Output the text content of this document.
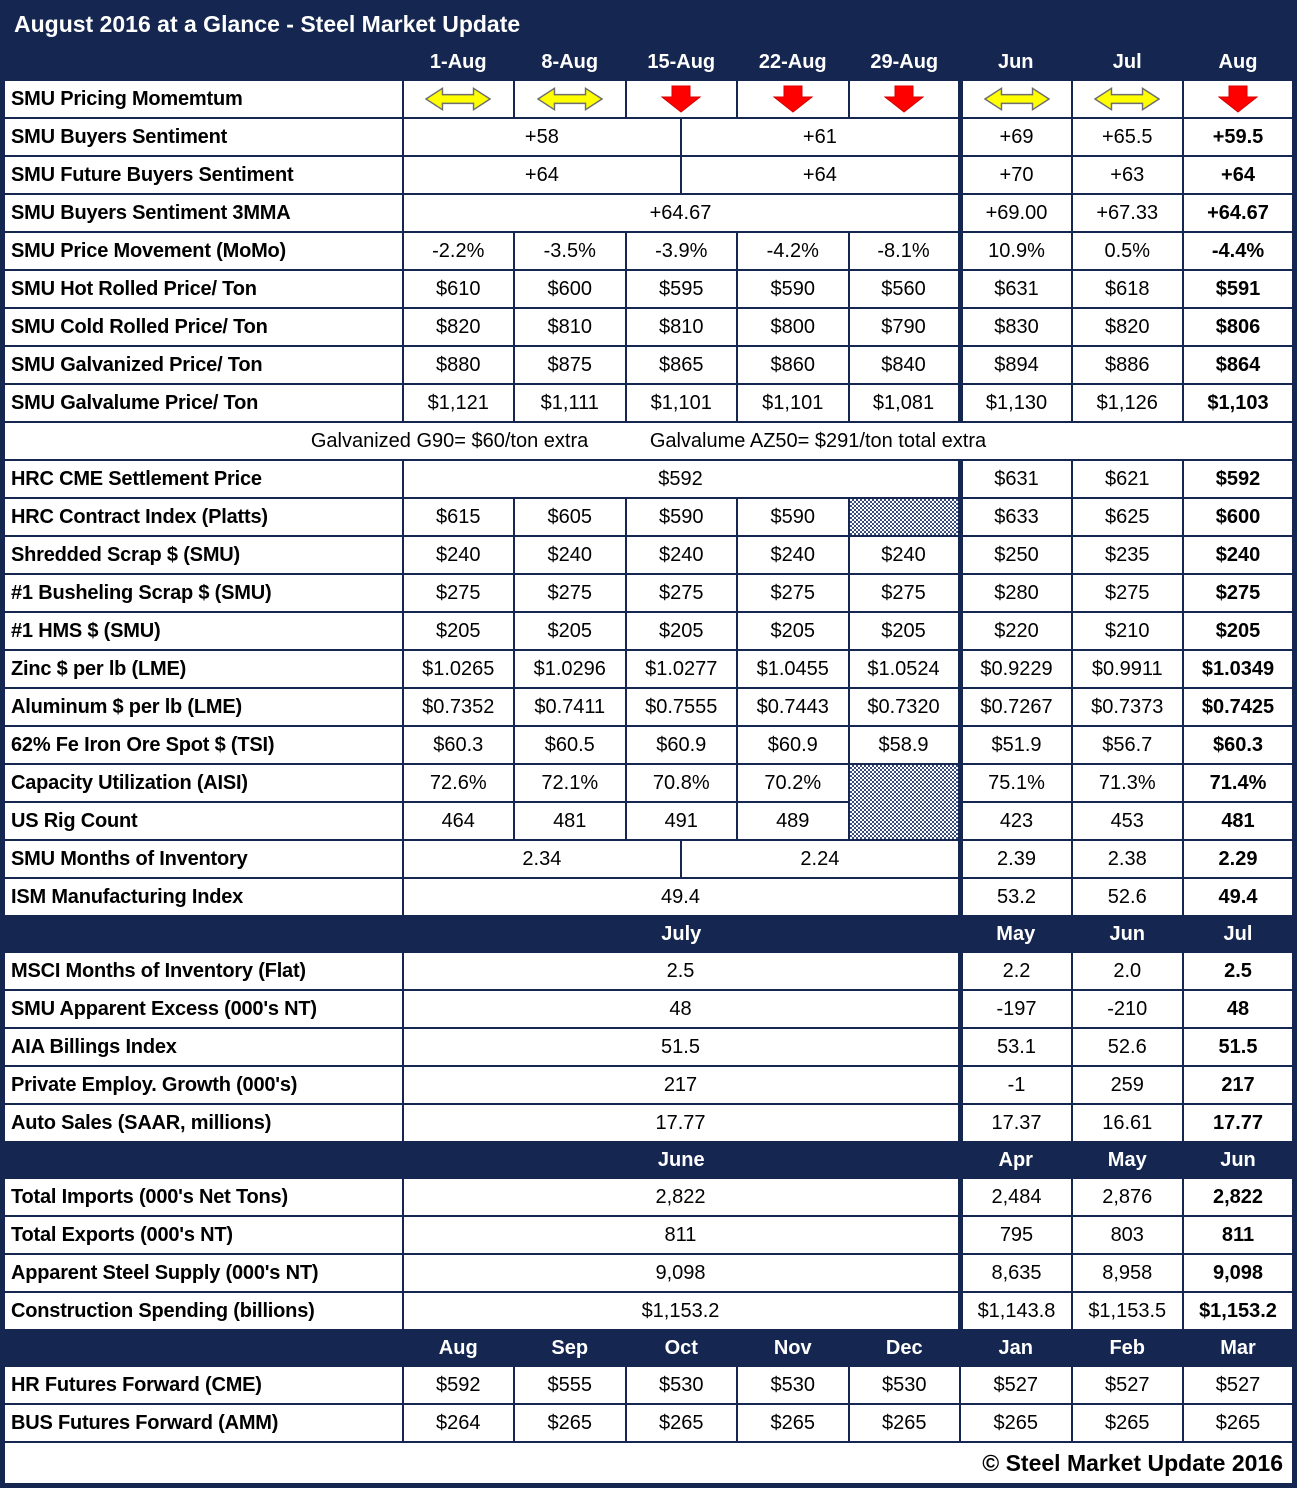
August 2016 at a Glance - Steel Market Update									
	1-Aug	8-Aug	15-Aug		22-Aug	29-Aug	Jun	Jul	Aug
SMU Pricing Momemtum								
SMU Buyers Sentiment	+58			+61			+69	+65.5	+59.5
SMU Future Buyers Sentiment	+64			+64			+70	+63	+64
SMU Buyers Sentiment 3MMA	+64.67						+69.00	+67.33	+64.67
SMU Price Movement (MoMo)	-2.2%	-3.5%	-3.9%		-4.2%	-8.1%	10.9%	0.5%	-4.4%
SMU Hot Rolled Price/ Ton	$610	$600	$595		$590	$560	$631	$618	$591
SMU Cold Rolled Price/ Ton	$820	$810	$810		$800	$790	$830	$820	$806
SMU Galvanized Price/ Ton	$880	$875	$865		$860	$840	$894	$886	$864
SMU Galvalume Price/ Ton	$1,121	$1,111	$1,101		$1,101	$1,081	$1,130	$1,126	$1,103
Galvanized G90= $60/ton extra Galvalume AZ50= $291/ton total extra									
HRC CME Settlement Price	$592						$631	$621	$592
HRC Contract Index (Platts)	$615	$605	$590		$590		$633	$625	$600
Shredded Scrap $ (SMU)	$240	$240	$240		$240	$240	$250	$235	$240
#1 Busheling Scrap $ (SMU)	$275	$275	$275		$275	$275	$280	$275	$275
#1 HMS $ (SMU)	$205	$205	$205		$205	$205	$220	$210	$205
Zinc $ per lb (LME)	$1.0265	$1.0296	$1.0277		$1.0455	$1.0524	$0.9229	$0.9911	$1.0349
Aluminum $ per lb (LME)	$0.7352	$0.7411	$0.7555		$0.7443	$0.7320	$0.7267	$0.7373	$0.7425
62% Fe Iron Ore Spot $ (TSI)	$60.3	$60.5	$60.9		$60.9	$58.9	$51.9	$56.7	$60.3
Capacity Utilization (AISI)	72.6%	72.1%	70.8%		70.2%		75.1%	71.3%	71.4%
US Rig Count	464	481	491		489		423	453	481
SMU Months of Inventory	2.34			2.24			2.39	2.38	2.29
ISM Manufacturing Index	49.4						53.2	52.6	49.4
	July						May	Jun	Jul
MSCI Months of Inventory (Flat)	2.5						2.2	2.0	2.5
SMU Apparent Excess (000's NT)	48						-197	-210	48
AIA Billings Index	51.5						53.1	52.6	51.5
Private Employ. Growth (000's)	217						-1	259	217
Auto Sales (SAAR, millions)	17.77						17.37	16.61	17.77
	June						Apr	May	Jun
Total Imports (000's Net Tons)	2,822						2,484	2,876	2,822
Total Exports (000's NT)	811						795	803	811
Apparent Steel Supply (000's NT)	9,098						8,635	8,958	9,098
Construction Spending (billions)	$1,153.2						$1,143.8	$1,153.5	$1,153.2
	Aug	Sep	Oct		Nov	Dec	Jan	Feb	Mar
HR Futures Forward (CME)	$592	$555	$530		$530	$530	$527	$527	$527
BUS Futures Forward (AMM)	$264	$265	$265		$265	$265	$265	$265	$265
© Steel Market Update 2016									
